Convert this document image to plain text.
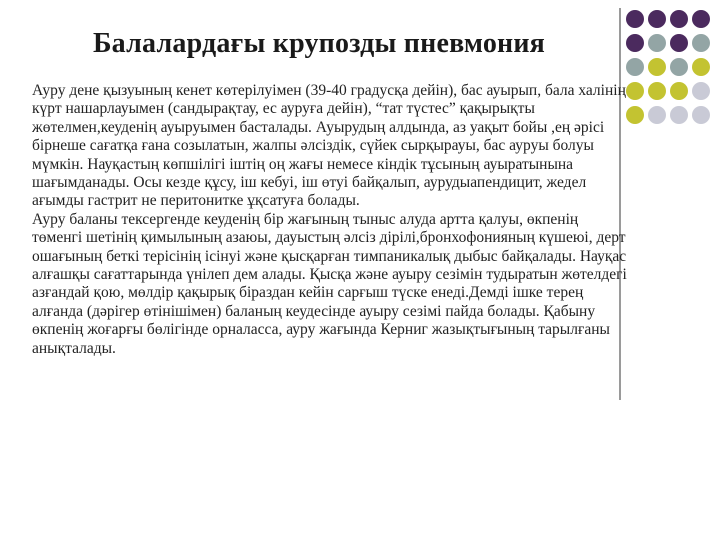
Балалардағы крупозды пневмония

Ауру дене қызуының кенет көтерілуімен (39-40 градусқа дейін), бас ауырып, бала халінің күрт нашарлауымен (сандырақтау, ес ауруға дейін), “тат түстес” қақырықты жөтелмен,кеуденің ауыруымен басталады. Ауырудың алдында, аз уақыт бойы ,ең әрісі бірнеше сағатқа ғана созылатын, жалпы әлсіздік, сүйек сырқырауы, бас ауруы болуы мүмкін. Науқастың көпшілігі іштің оң жағы немесе кіндік тұсының ауыратынына шағымданады. Осы кезде құсу, іш кебуі, іш өтуі байқалып, аурудыапендицит, жедел ағымды гастрит не перитонитке ұқсатуға болады.

Ауру баланы тексергенде кеуденің бір жағының тыныс алуда артта қалуы, өкпенің төменгі шетінің қимылының азаюы, дауыстың әлсіз дірілі,бронхофонияның күшеюі, дерт ошағының беткі терісінің ісінуі және қысқарған тимпаникалық дыбыс байқалады. Науқас алғашқы сағаттарында үнілеп дем алады. Қысқа және ауыру сезімін тудыратын жөтелдегі азғандай қою, мөлдір қақырық біраздан кейін сарғыш түске енеді.Демді ішке терең алғанда (дәрігер өтінішімен) баланың кеудесінде ауыру сезімі пайда болады. Қабыну өкпенің жоғарғы бөлігінде орналасса, ауру жағында Керниг жазықтығының тарылғаны анықталады.
